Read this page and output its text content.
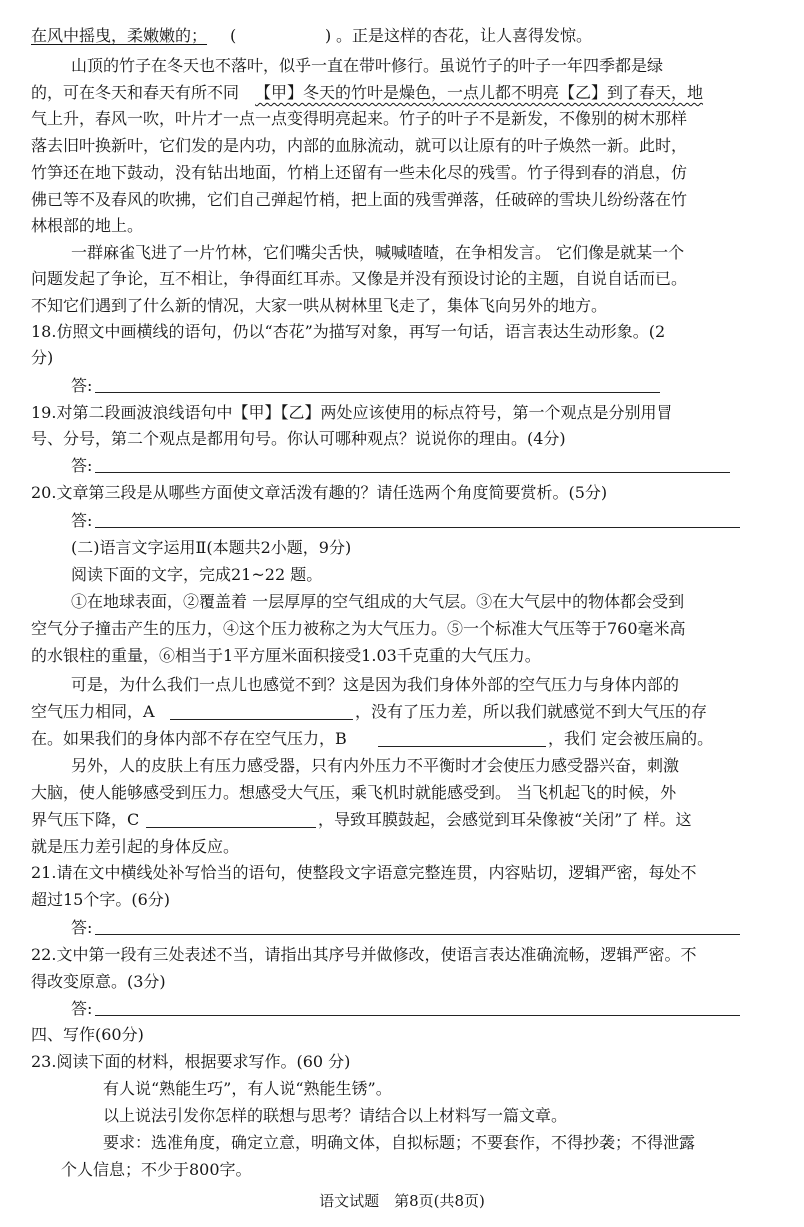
在风中摇曳，柔嫩嫩的； (	) 。正是这样的杏花，让人喜得发惊。
山顶的竹子在冬天也不落叶，似乎一直在带叶修行。虽说竹子的叶子一年四季都是绿
的，可在冬天和春天有所不同 【甲】冬天的竹叶是燥色，一点儿都不明亮【乙】到了春天，地
气上升，春风一吹，叶片才一点一点变得明亮起来。竹子的叶子不是新发，不像别的树木那样
落去旧叶换新叶，它们发的是内功，内部的血脉流动，就可以让原有的叶子焕然一新。此时，
竹笋还在地下鼓动，没有钻出地面，竹梢上还留有一些未化尽的残雪。竹子得到春的消息，仿
佛已等不及春风的吹拂，它们自己弹起竹梢，把上面的残雪弹落，任破碎的雪块儿纷纷落在竹
林根部的地上。
一群麻雀飞进了一片竹林，它们嘴尖舌快，喊喊喳喳，在争相发言。 它们像是就某一个
问题发起了争论，互不相让，争得面红耳赤。又像是并没有预设讨论的主题，自说自话而已。
不知它们遇到了什么新的情况，大家一哄从树林里飞走了，集体飞向另外的地方。
18.仿照文中画横线的语句，仍以“杏花”为描写对象，再写一句话，语言表达生动形象。(2
分)
答:
19.对第二段画波浪线语句中【甲】【乙】两处应该使用的标点符号，第一个观点是分别用冒
号、分号，第二个观点是都用句号。你认可哪种观点？说说你的理由。(4分)
答:
20.文章第三段是从哪些方面使文章活泼有趣的？请任选两个角度简要赏析。(5分)
答:
(二)语言文字运用Ⅱ(本题共2小题，9分)
阅读下面的文字，完成21~22 题。
①在地球表面，②覆盖着 一层厚厚的空气组成的大气层。③在大气层中的物体都会受到
空气分子撞击产生的压力，④这个压力被称之为大气压力。⑤一个标准大气压等于760毫米高
的水银柱的重量，⑥相当于1平方厘米面积接受1.03千克重的大气压力。
可是，为什么我们一点儿也感觉不到？这是因为我们身体外部的空气压力与身体内部的
空气压力相同，A	，没有了压力差，所以我们就感觉不到大气压的存
在。如果我们的身体内部不存在空气压力，B	，我们 定会被压扁的。
另外，人的皮肤上有压力感受器，只有内外压力不平衡时才会使压力感受器兴奋，刺激
大脑，使人能够感受到压力。想感受大气压，乘飞机时就能感受到。 当飞机起飞的时候，外
界气压下降，C	，导致耳膜鼓起，会感觉到耳朵像被“关闭”了 样。这
就是压力差引起的身体反应。
21.请在文中横线处补写恰当的语句，使整段文字语意完整连贯，内容贴切，逻辑严密，每处不
超过15个字。(6分)
答:
22.文中第一段有三处表述不当，请指出其序号并做修改，使语言表达准确流畅，逻辑严密。不
得改变原意。(3分)
答:
四、写作(60分)
23.阅读下面的材料，根据要求写作。(60 分)
有人说“熟能生巧”，有人说“熟能生锈”。
以上说法引发你怎样的联想与思考？请结合以上材料写一篇文章。
要求：选准角度，确定立意，明确文体，自拟标题；不要套作，不得抄袭；不得泄露
个人信息；不少于800字。
语文试题　第8页(共8页)
